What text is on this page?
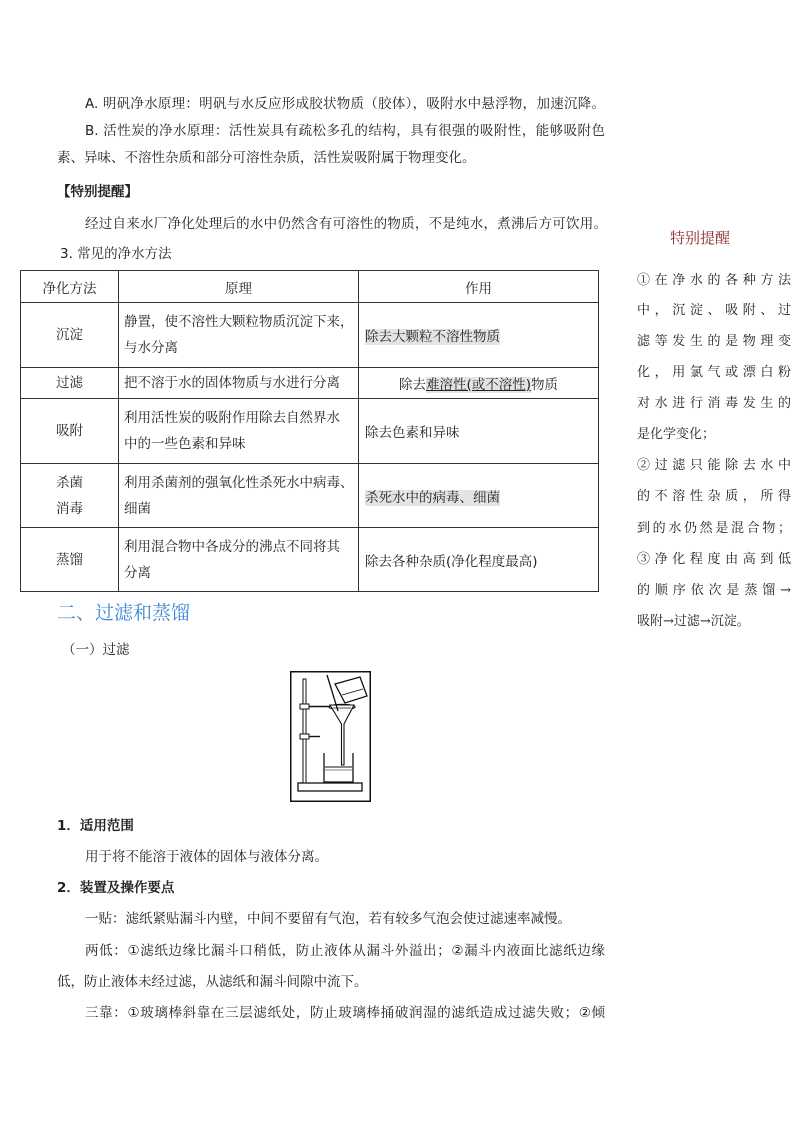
A. 明矾净水原理：明矾与水反应形成胶状物质（胶体），吸附水中悬浮物，加速沉降。
B. 活性炭的净水原理：活性炭具有疏松多孔的结构，具有很强的吸附性，能够吸附色
素、异味、不溶性杂质和部分可溶性杂质，活性炭吸附属于物理变化。
【特别提醒】
经过自来水厂净化处理后的水中仍然含有可溶性的物质，不是纯水，煮沸后方可饮用。
3. 常见的净水方法
净化方法	原理	作用

沉淀	静置，使不溶性大颗粒物质沉淀下来，
与水分离	除去大颗粒不溶性物质

过滤	把不溶于水的固体物质与水进行分离	除去难溶性(或不溶性)物质

吸附	利用活性炭的吸附作用除去自然界水
中的一些色素和异味	除去色素和异味

杀菌
消毒	利用杀菌剂的强氧化性杀死水中病毒、
细菌	杀死水中的病毒、细菌

蒸馏	利用混合物中各成分的沸点不同将其
分离	除去各种杂质(净化程度最高)
二、过滤和蒸馏
（一）过滤
1．适用范围
用于将不能溶于液体的固体与液体分离。
2．装置及操作要点
一贴：滤纸紧贴漏斗内壁，中间不要留有气泡，若有较多气泡会使过滤速率减慢。
两低：①滤纸边缘比漏斗口稍低，防止液体从漏斗外溢出；②漏斗内液面比滤纸边缘
低，防止液体未经过滤，从滤纸和漏斗间隙中流下。
三靠：①玻璃棒斜靠在三层滤纸处，防止玻璃棒捅破润湿的滤纸造成过滤失败；②倾
特别提醒
①在净水的各种方法
中，沉淀、吸附、过
滤等发生的是物理变
化，用氯气或漂白粉
对水进行消毒发生的
是化学变化；
②过滤只能除去水中
的不溶性杂质，所得
到的水仍然是混合物；
③净化程度由高到低
的顺序依次是蒸馏→
吸附→过滤→沉淀。
